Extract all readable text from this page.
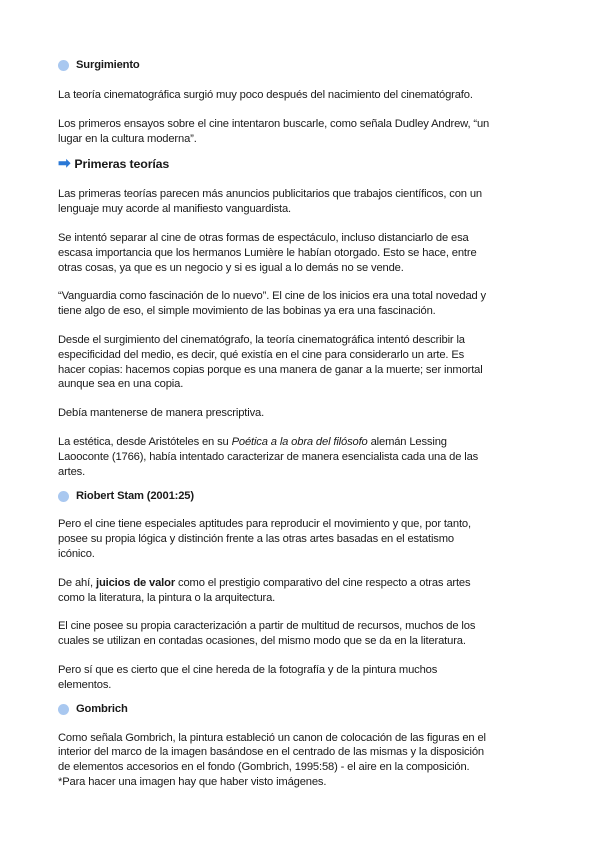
Surgimiento

La teoría cinematográfica surgió muy poco después del nacimiento del cinematógrafo.

Los primeros ensayos sobre el cine intentaron buscarle, como señala Dudley Andrew, “un
lugar en la cultura moderna”.

➡ Primeras teorías

Las primeras teorías parecen más anuncios publicitarios que trabajos científicos, con un
lenguaje muy acorde al manifiesto vanguardista.

Se intentó separar al cine de otras formas de espectáculo, incluso distanciarlo de esa
escasa importancia que los hermanos Lumière le habían otorgado. Esto se hace, entre
otras cosas, ya que es un negocio y si es igual a lo demás no se vende.

“Vanguardia como fascinación de lo nuevo”. El cine de los inicios era una total novedad y
tiene algo de eso, el simple movimiento de las bobinas ya era una fascinación.

Desde el surgimiento del cinematógrafo, la teoría cinematográfica intentó describir la
especificidad del medio, es decir, qué existía en el cine para considerarlo un arte. Es
hacer copias: hacemos copias porque es una manera de ganar a la muerte; ser inmortal
aunque sea en una copia.

Debía mantenerse de manera prescriptiva.

La estética, desde Aristóteles en su Poética a la obra del filósofo alemán Lessing
Laooconte (1766), había intentado caracterizar de manera esencialista cada una de las
artes.

Riobert Stam (2001:25)

Pero el cine tiene especiales aptitudes para reproducir el movimiento y que, por tanto,
posee su propia lógica y distinción frente a las otras artes basadas en el estatismo
icónico.

De ahí, juicios de valor como el prestigio comparativo del cine respecto a otras artes
como la literatura, la pintura o la arquitectura.

El cine posee su propia caracterización a partir de multitud de recursos, muchos de los
cuales se utilizan en contadas ocasiones, del mismo modo que se da en la literatura.

Pero sí que es cierto que el cine hereda de la fotografía y de la pintura muchos
elementos.

Gombrich

Como señala Gombrich, la pintura estableció un canon de colocación de las figuras en el
interior del marco de la imagen basándose en el centrado de las mismas y la disposición
de elementos accesorios en el fondo (Gombrich, 1995:58) - el aire en la composición.
*Para hacer una imagen hay que haber visto imágenes.
